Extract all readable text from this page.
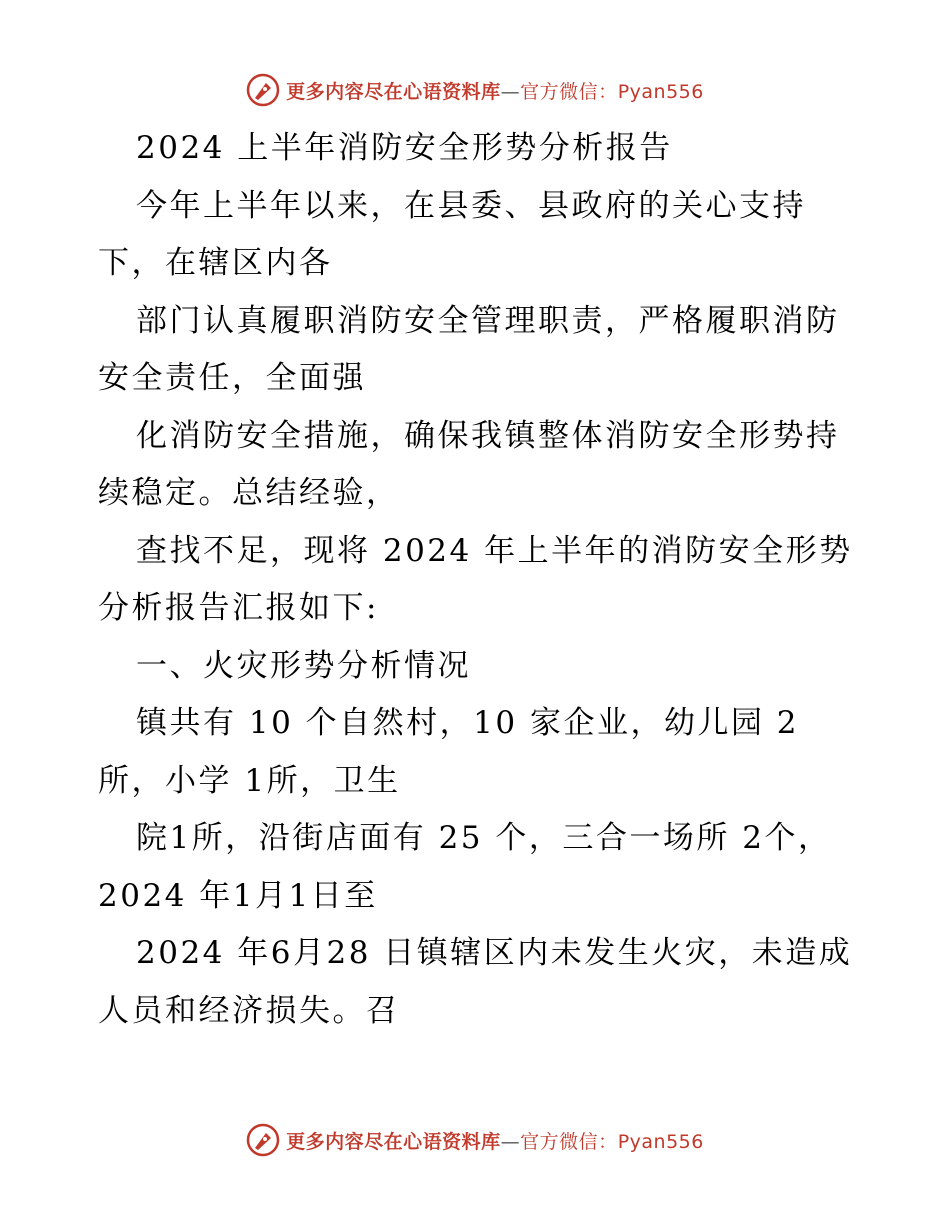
更多内容尽在心语资料库—官方微信：Pyan556
2024 上半年消防安全形势分析报告
今年上半年以来，在县委、县政府的关心支持
下，在辖区内各
部门认真履职消防安全管理职责，严格履职消防
安全责任，全面强
化消防安全措施，确保我镇整体消防安全形势持
续稳定。总结经验，
查找不足，现将 2024 年上半年的消防安全形势
分析报告汇报如下:
一、火灾形势分析情况
镇共有 10 个自然村，10 家企业，幼儿园 2
所，小学 1所，卫生
院1所，沿街店面有 25 个，三合一场所 2个，
2024 年1月1日至
2024 年6月28 日镇辖区内未发生火灾，未造成
人员和经济损失。召
更多内容尽在心语资料库—官方微信：Pyan556
